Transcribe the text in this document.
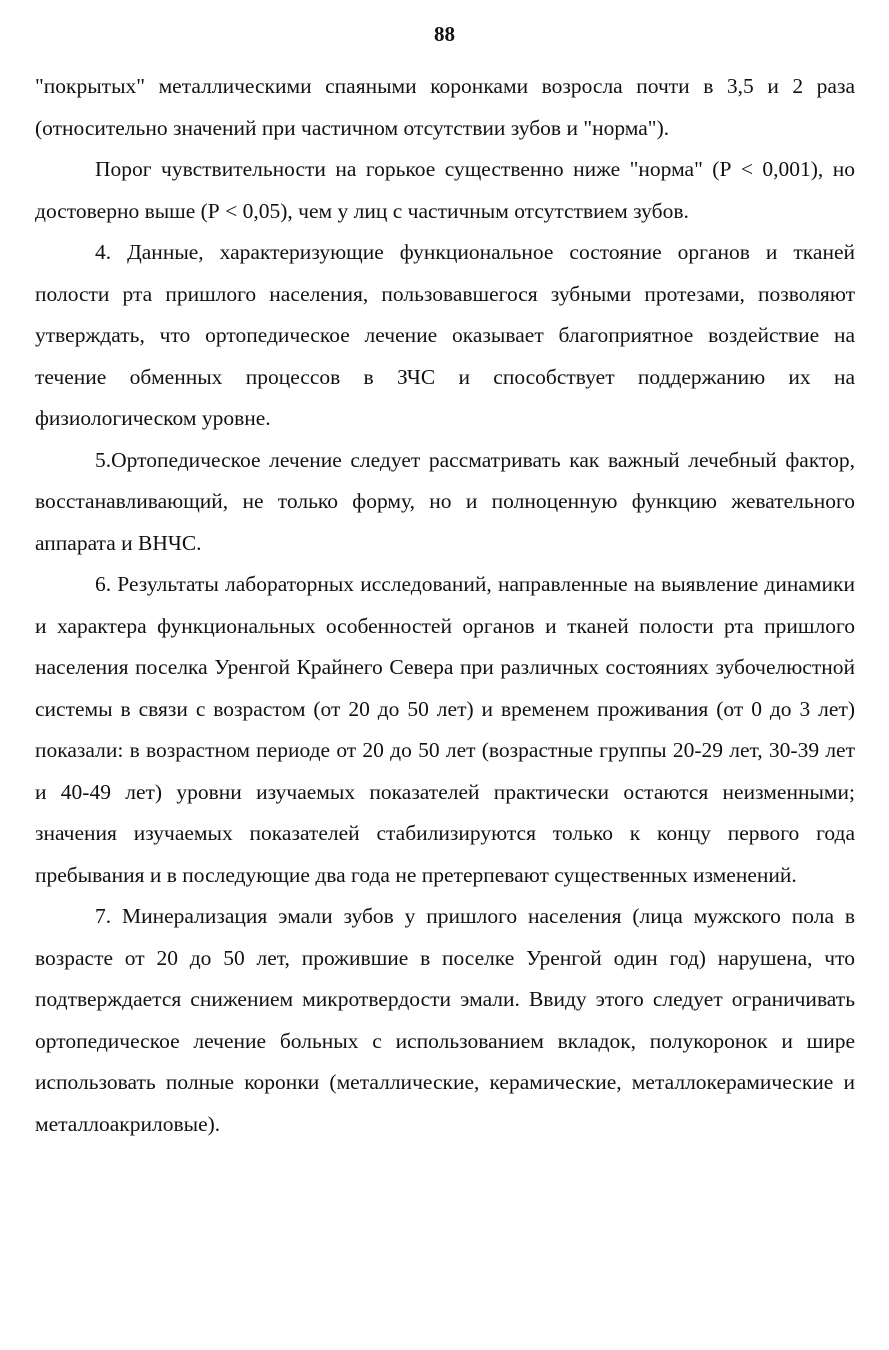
88

"покрытых" металлическими спаяными коронками возросла почти в 3,5 и 2 раза (относительно значений при частичном отсутствии зубов и "норма").

Порог чувствительности на горькое существенно ниже "норма" (Р < 0,001), но достоверно выше (Р < 0,05), чем у лиц с частичным отсутствием зубов.

4. Данные, характеризующие функциональное состояние органов и тканей полости рта пришлого населения, пользовавшегося зубными протезами, позволяют утверждать, что ортопедическое лечение оказывает благоприятное воздействие на течение обменных процессов в ЗЧС и способствует поддержанию их на физиологическом уровне.

5.Ортопедическое лечение следует рассматривать как важный лечебный фактор, восстанавливающий, не только форму, но и полноценную функцию жевательного аппарата и ВНЧС.

6. Результаты лабораторных исследований, направленные на выявление динамики и характера функциональных особенностей органов и тканей полости рта пришлого населения поселка Уренгой Крайнего Севера при различных состояниях зубочелюстной системы в связи с возрастом (от 20 до 50 лет) и временем проживания (от 0 до 3 лет) показали: в возрастном периоде от 20 до 50 лет (возрастные группы 20-29 лет, 30-39 лет и 40-49 лет) уровни изучаемых показателей практически остаются неизменными; значения изучаемых показателей стабилизируются только к концу первого года пребывания и в последующие два года не претерпевают существенных изменений.

7. Минерализация эмали зубов у пришлого населения (лица мужского пола в возрасте от 20 до 50 лет, прожившие в поселке Уренгой один год) нарушена, что подтверждается снижением микротвердости эмали. Ввиду этого следует ограничивать ортопедическое лечение больных с использованием вкладок, полукоронок и шире использовать полные коронки (металлические, керамические, металлокерамические и металлоакриловые).
